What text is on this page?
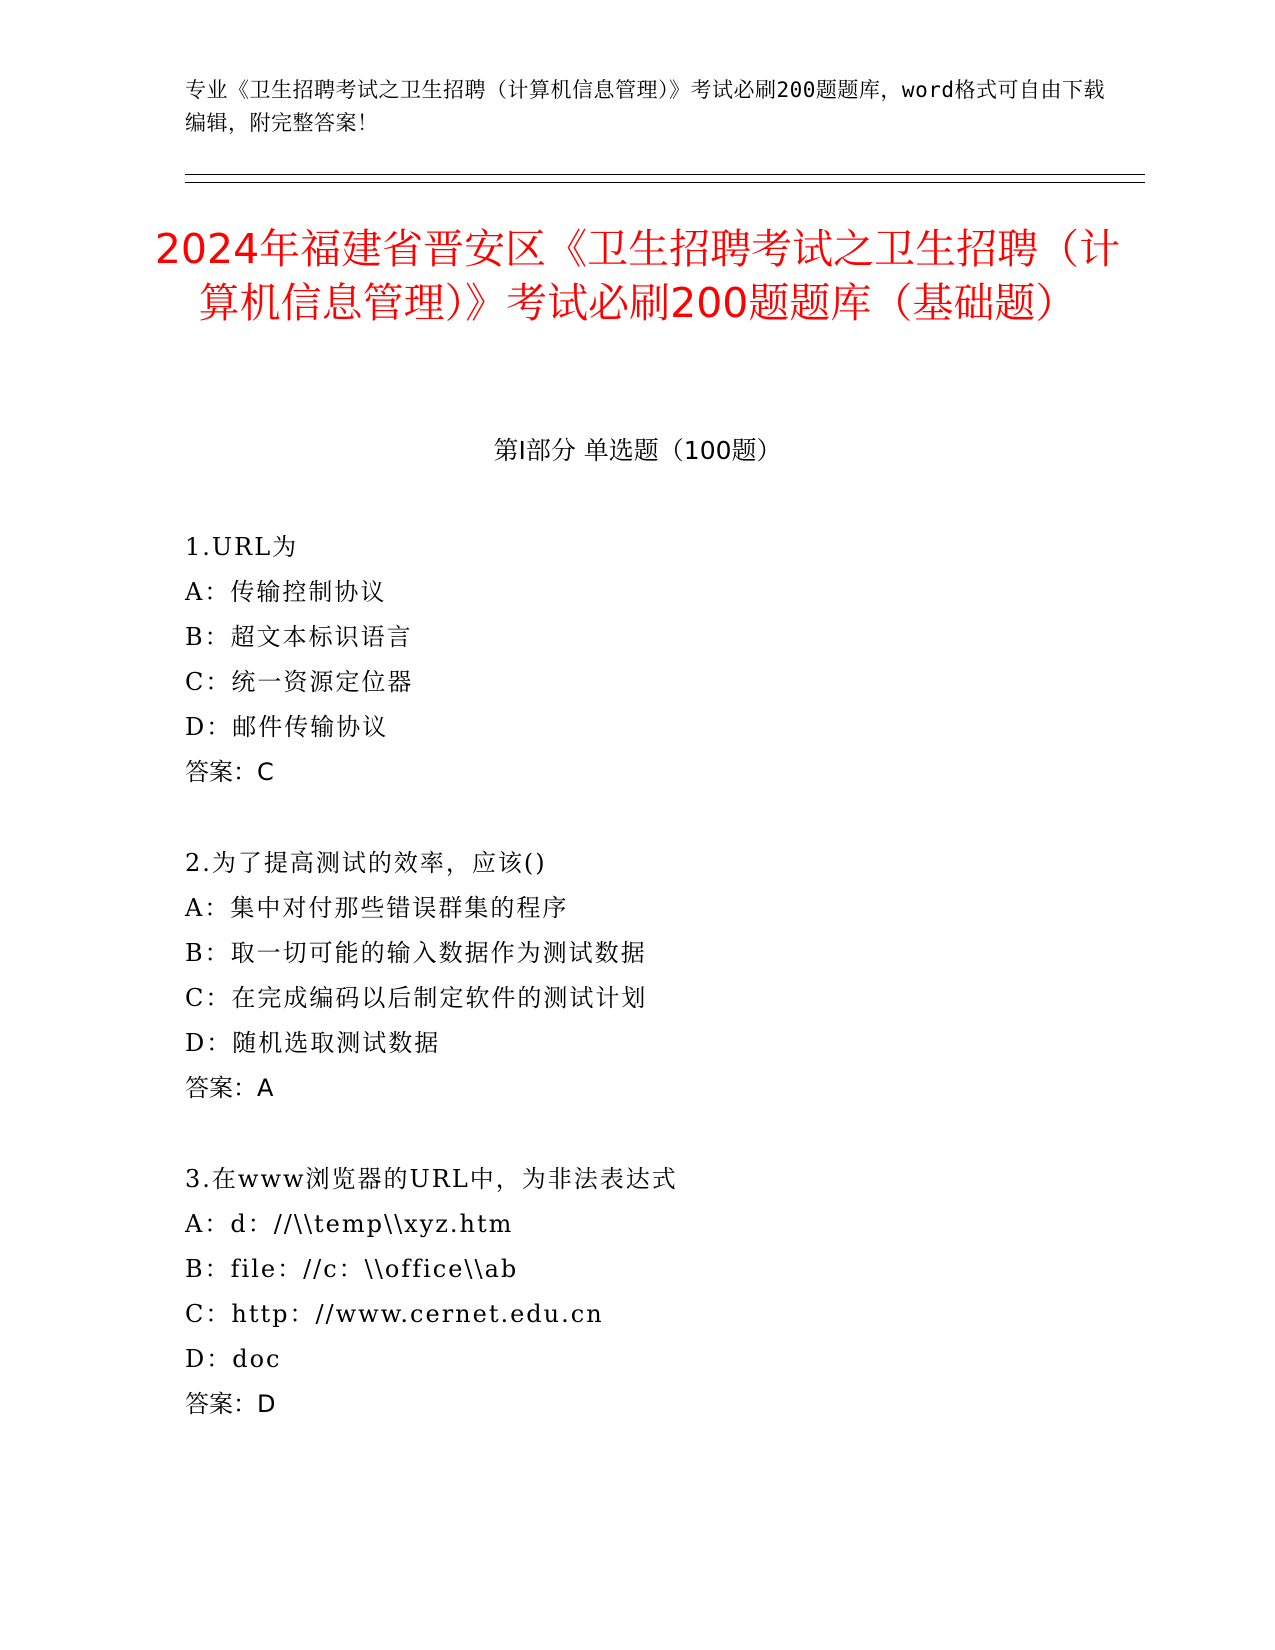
专业《卫生招聘考试之卫生招聘（计算机信息管理）》考试必刷200题题库，word格式可自由下载编辑，附完整答案！
2024年福建省晋安区《卫生招聘考试之卫生招聘（计算机信息管理）》考试必刷200题题库（基础题）
第Ⅰ部分 单选题（100题）
1.URL为
A：传输控制协议
B：超文本标识语言
C：统一资源定位器
D：邮件传输协议
答案：C
2.为了提高测试的效率，应该()
A：集中对付那些错误群集的程序
B：取一切可能的输入数据作为测试数据
C：在完成编码以后制定软件的测试计划
D：随机选取测试数据
答案：A
3.在www浏览器的URL中，为非法表达式
A：d：//\\temp\\xyz.htm
B：file：//c：\\office\\ab
C：http：//www.cernet.edu.cn
D：doc
答案：D
